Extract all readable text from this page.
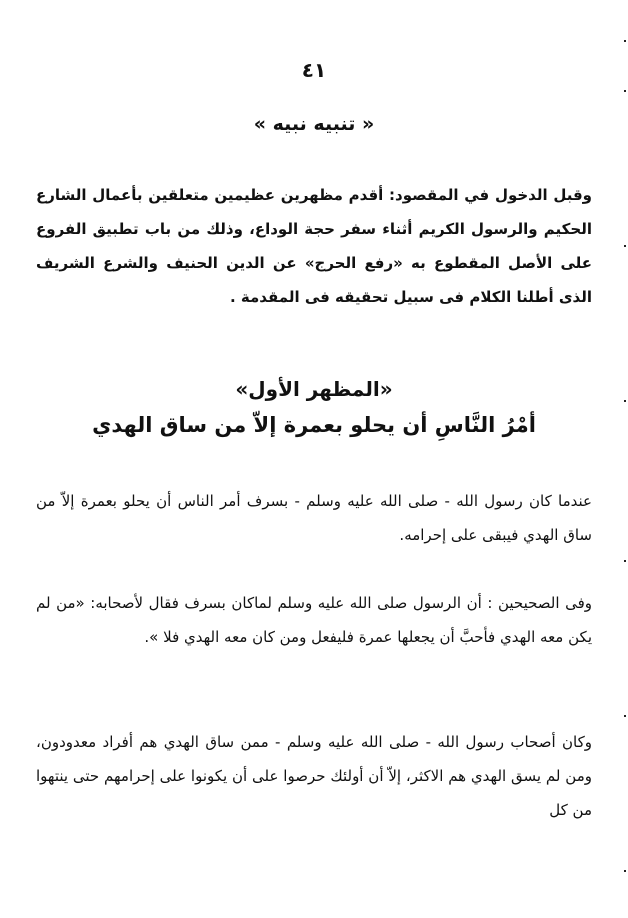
٤١
« تنبيه نبيه »
وقبل الدخول في المقصود: أقدم مظهرين عظيمين متعلقين بأعمال الشارع الحكيم والرسول الكريم أثناء سفر حجة الوداع، وذلك من باب تطبيق الفروع على الأصل المقطوع به «رفع الحرج» عن الدين الحنيف والشرع الشريف الذى أطلنا الكلام فى سبيل تحقيقه فى المقدمة .
«المظهر الأول»
أمْرُ النَّاسِ أن يحلو بعمرة إلاّ من ساق الهدي
عندما كان رسول الله - صلى الله عليه وسلم - بسرف أمر الناس أن يحلو بعمرة إلاّ من ساق الهدي فيبقى على إحرامه.
وفى الصحيحين : أن الرسول صلى الله عليه وسلم لماكان بسرف فقال لأصحابه: «من لم يكن معه الهدي فأحبَّ أن يجعلها عمرة فليفعل ومن كان معه الهدي فلا ».
وكان أصحاب رسول الله - صلى الله عليه وسلم - ممن ساق الهدي هم أفراد معدودون، ومن لم يسق الهدي هم الاكثر، إلاّ أن أولئك حرصوا على أن يكونوا على إحرامهم حتى ينتهوا من كل
